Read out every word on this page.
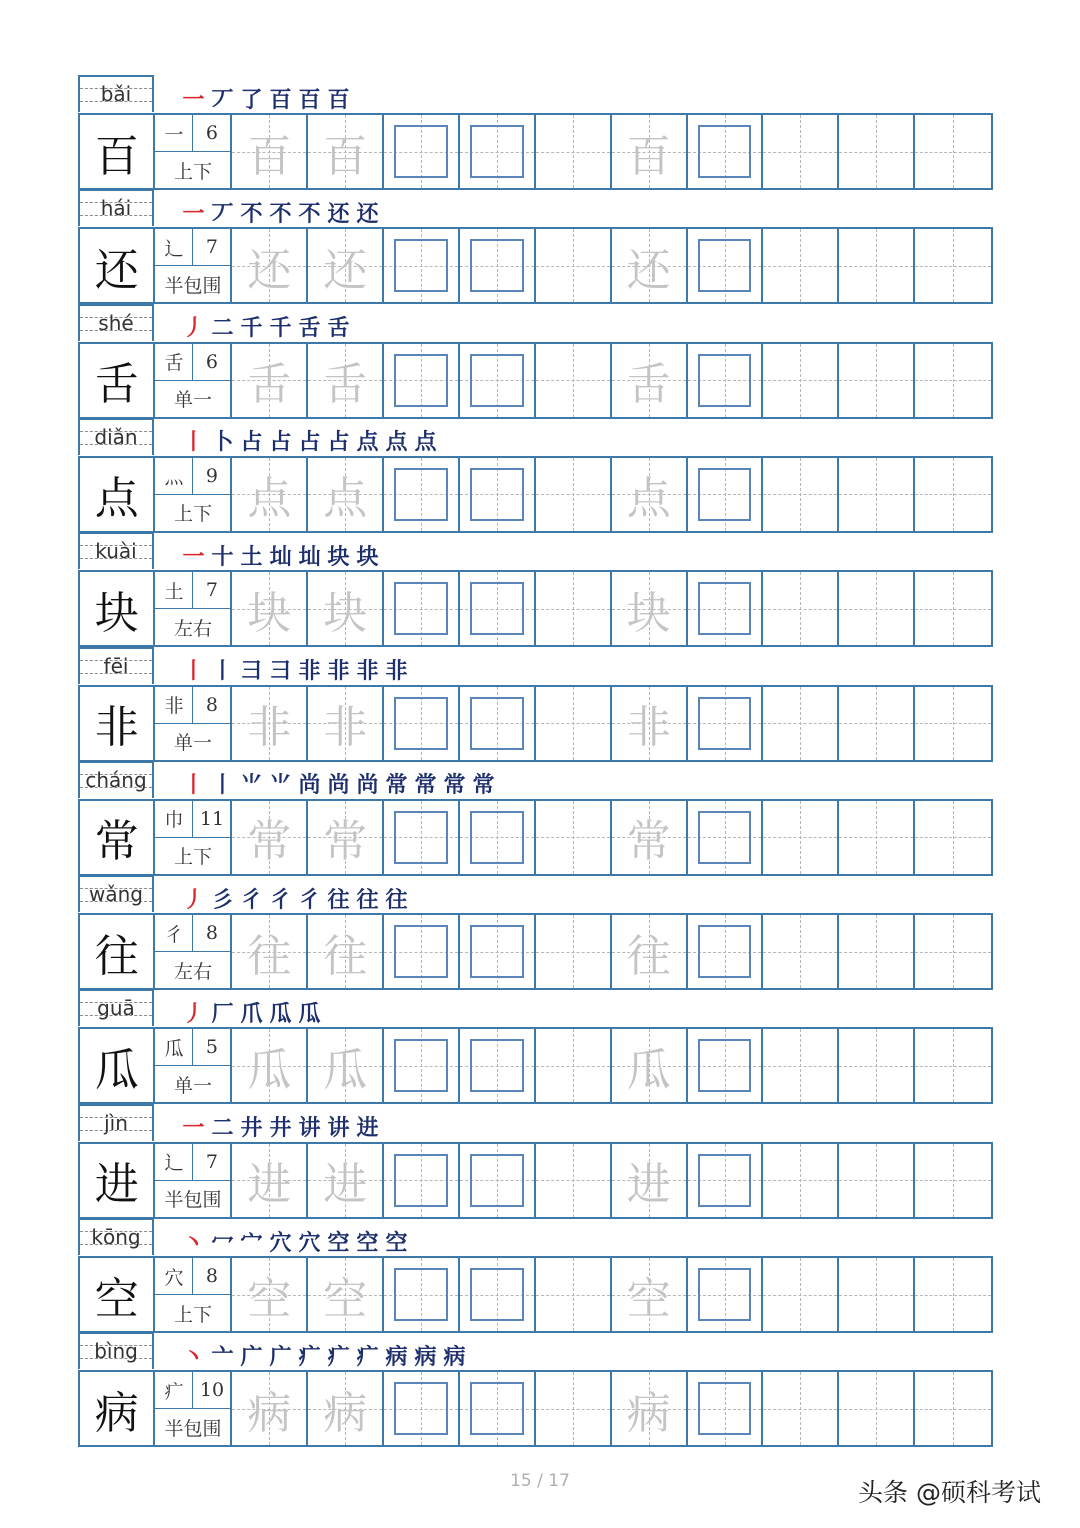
bǎi	一 丆 了 百 百 百
百	一	6
上下 百 百	百
hái	一 丆 不 不 不 还 还
还	辶	7
半包围 还 还	还
shé	丿 二 千 千 舌 舌
舌	舌	6
单一 舌 舌	舌
diǎn	丨 卜 占 占 占 占 点 点 点
点	灬	9
上下 点 点	点
kuài	一 十 土 圸 圸 块 块
块	土	7
左右 块 块	块
fēi	丨 丨 彐 彐 非 非 非 非
非	非	8
单一 非 非	非
cháng 丨 丨 ⺌ ⺌ 尚 尚 尚 常 常 常 常
常	巾 11
上下 常 常	常
wǎng	丿 彡 彳 彳 彳 往 往 往
往	彳	8
左右 往 往	往
guā	丿 厂 爪 瓜 瓜
瓜	瓜	5
单一 瓜 瓜	瓜
jìn	一 二 井 井 讲 讲 进
进	辶	7
半包围 进 进	进
kōng	丶 冖 宀 穴 穴 空 空 空
空	穴	8
上下 空 空	空
bìng	丶 亠 广 广 疒 疒 疒 病 病 病
病	疒 10
半包围 病 病	病
15 / 17	头条 @硕科考试
